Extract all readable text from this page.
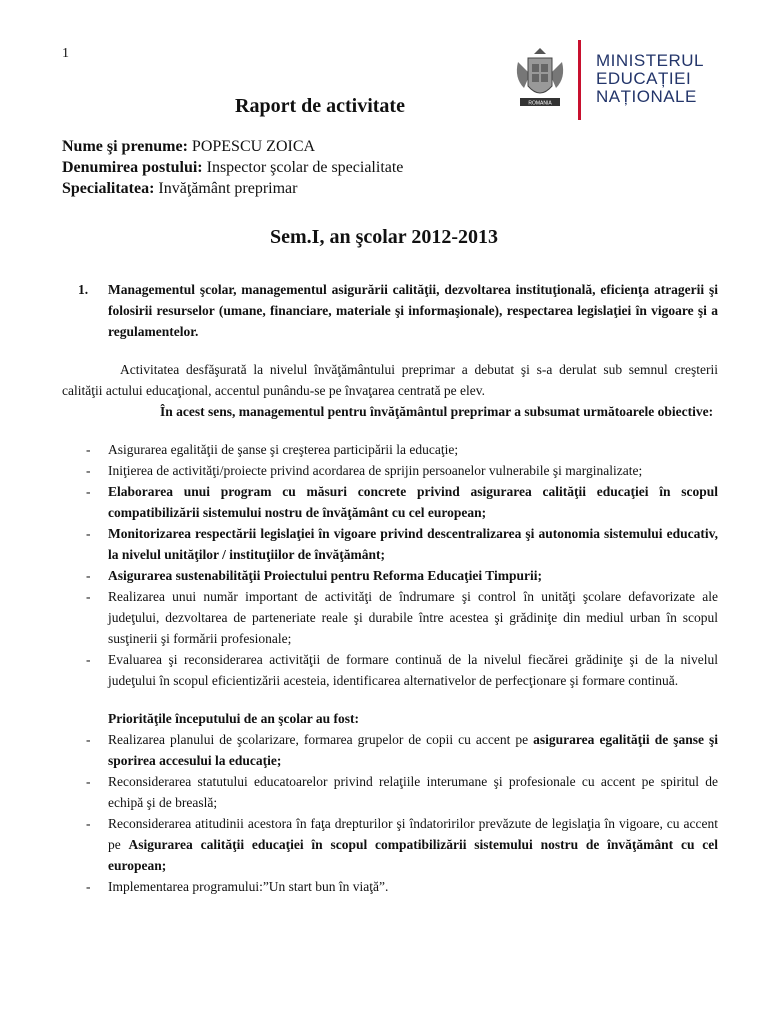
1
ROMANIA
MINISTERUL
EDUCAȚIEI
NAȚIONALE
Raport de activitate
Nume şi prenume: POPESCU ZOICA
Denumirea postului: Inspector şcolar de specialitate
Specialitatea: Invăţământ preprimar
Sem.I, an şcolar 2012-2013
1.	Managementul şcolar, managementul asigurării calităţii, dezvoltarea instituţională, eficienţa atragerii şi folosirii resurselor (umane, financiare, materiale şi informaşionale), respectarea legislaţiei în vigoare şi a regulamentelor.
Activitatea desfăşurată la nivelul învăţământului preprimar a debutat şi s-a derulat sub semnul creşterii calităţii actului educaţional, accentul punându-se pe învaţarea centrată pe elev.
În acest sens, managementul pentru învăţământul preprimar a subsumat următoarele obiective:
-	Asigurarea egalităţii de şanse şi creşterea participării la educaţie;
-	Iniţierea de activităţi/proiecte privind acordarea de sprijin persoanelor vulnerabile şi marginalizate;
-	Elaborarea unui program cu măsuri concrete privind asigurarea calităţii educaţiei în scopul compatibilizării sistemului nostru de învăţământ cu cel european;
-	Monitorizarea respectării legislaţiei în vigoare privind descentralizarea şi autonomia sistemului educativ, la nivelul unităţilor / instituţiilor de învăţământ;
-	Asigurarea sustenabilităţii Proiectului pentru Reforma Educaţiei Timpurii;
-	Realizarea unui număr important de activităţi de îndrumare şi control în unităţi şcolare defavorizate ale judeţului, dezvoltarea de parteneriate reale şi durabile între acestea şi grădiniţe din mediul urban în scopul susţinerii şi formării profesionale;
-	Evaluarea şi reconsiderarea activităţii de formare continuă de la nivelul fiecărei grădiniţe şi de la nivelul judeţului în scopul eficientizării acesteia, identificarea alternativelor de perfecţionare şi formare continuă.
Priorităţile începutului de an şcolar au fost:
-	Realizarea planului de şcolarizare, formarea grupelor de copii cu accent pe asigurarea egalităţii de şanse şi sporirea accesului la educaţie;
-	Reconsiderarea statutului educatoarelor privind relaţiile interumane şi profesionale cu accent pe spiritul de echipă şi de breaslă;
-	Reconsiderarea atitudinii acestora în faţa drepturilor şi îndatoririlor prevăzute de legislaţia în vigoare, cu accent pe Asigurarea calităţii educaţiei în scopul compatibilizării sistemului nostru de învăţământ cu cel european;
-	Implementarea programului:”Un start bun în viaţă”.
